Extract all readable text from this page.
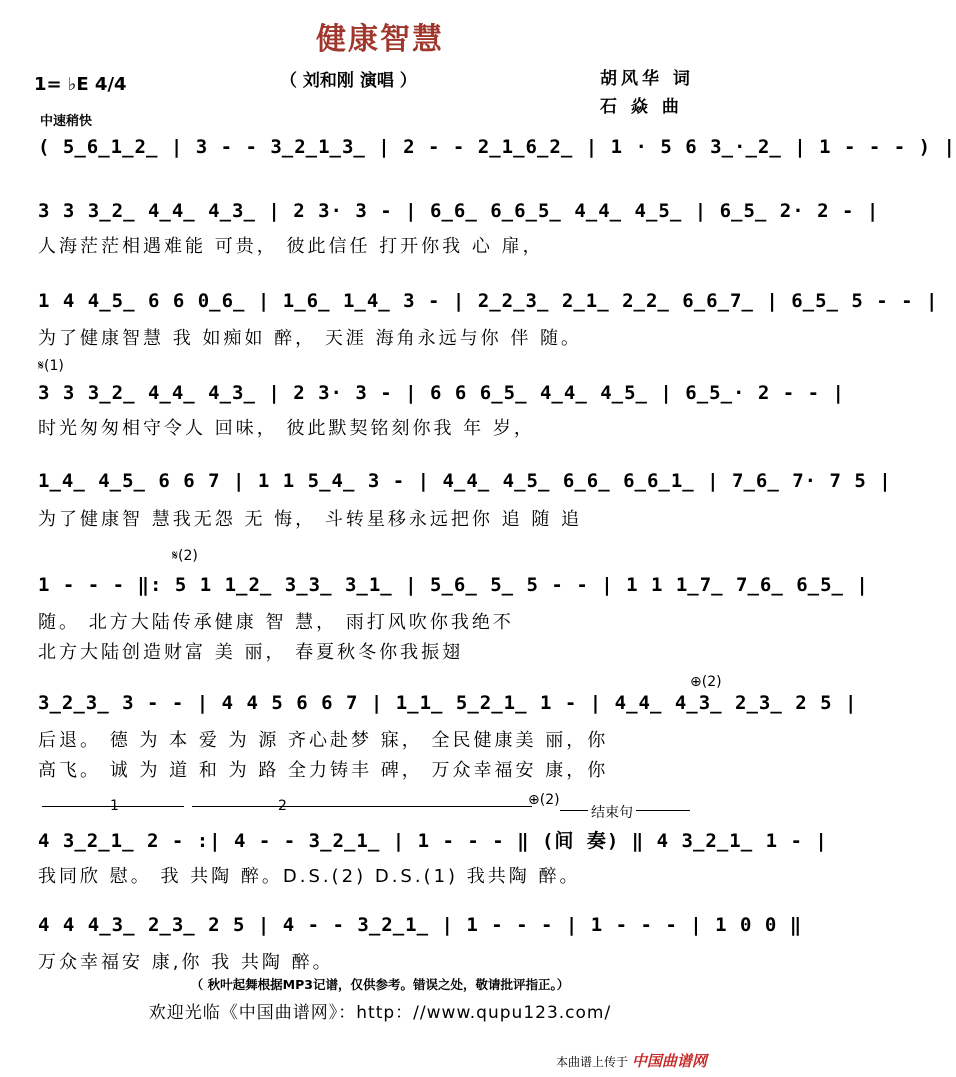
健康智慧
（ 刘和刚 演唱 ）	胡风华 词
石 焱 曲
1= ♭E 4/4
中速稍快
( 5̲6̲1̲2̲ | 3 - - 3̲2̲1̲3̲ | 2 - - 2̲1̲6̲2̲ | 1 · 5 6 3̲·̲2̲ | 1 - - - ) |
3 3 3̲2̲ 4̲4̲ 4̲3̲ | 2 3· 3 - | 6̲6̲ 6̲6̲5̲ 4̲4̲ 4̲5̲ | 6̲5̲ 2· 2 - |
人海茫茫相遇难能 可贵， 彼此信任 打开你我 心 扉，
1 4 4̲5̲ 6 6 0̲6̲ | 1̲6̲ 1̲4̲ 3 - | 2̲2̲3̲ 2̲1̲ 2̲2̲ 6̲6̲7̲ | 6̲5̲ 5 - - |
为了健康智慧 我 如痴如 醉， 天涯 海角永远与你 伴 随。
𝄋(1)
3 3 3̲2̲ 4̲4̲ 4̲3̲ | 2 3· 3 - | 6 6 6̲5̲ 4̲4̲ 4̲5̲ | 6̲5̲· 2 - - |
时光匆匆相守令人 回味， 彼此默契铭刻你我 年 岁，
1̲4̲ 4̲5̲ 6 6 7 | 1 1 5̲4̲ 3 - | 4̲4̲ 4̲5̲ 6̲6̲ 6̲6̲1̲ | 7̲6̲ 7· 7 5 |
为了健康智 慧我无怨 无 悔， 斗转星移永远把你 追 随 追
𝄋(2)
1 - - - ‖: 5 1 1̲2̲ 3̲3̲ 3̲1̲ | 5̲6̲ 5̲ 5 - - | 1 1 1̲7̲ 7̲6̲ 6̲5̲ |
随。 北方大陆传承健康 智 慧， 雨打风吹你我绝不
北方大陆创造财富 美 丽， 春夏秋冬你我振翅
⊕(2)
3̲2̲3̲ 3 - - | 4 4 5 6 6 7 | 1̲1̲ 5̲2̲1̲ 1 - | 4̲4̲ 4̲3̲ 2̲3̲ 2 5 |
后退。 德 为 本 爱 为 源 齐心赴梦 寐， 全民健康美 丽，你
高飞。 诚 为 道 和 为 路 全力铸丰 碑， 万众幸福安 康，你
1	2	⊕(2)
结束句
4 3̲2̲1̲ 2 - :| 4 - - 3̲2̲1̲ | 1 - - - ‖ (间 奏) ‖ 4 3̲2̲1̲ 1 - |
我同欣 慰。 我 共陶 醉。D.S.(2) D.S.(1) 我共陶 醉。
4 4 4̲3̲ 2̲3̲ 2 5 | 4 - - 3̲2̲1̲ | 1 - - - | 1 - - - | 1 0 0 ‖
万众幸福安 康,你 我 共陶 醉。
（ 秋叶起舞根据MP3记谱，仅供参考。错误之处，敬请批评指正。）
欢迎光临《中国曲谱网》：http：//www.qupu123.com/
本曲谱上传于 中国曲谱网
